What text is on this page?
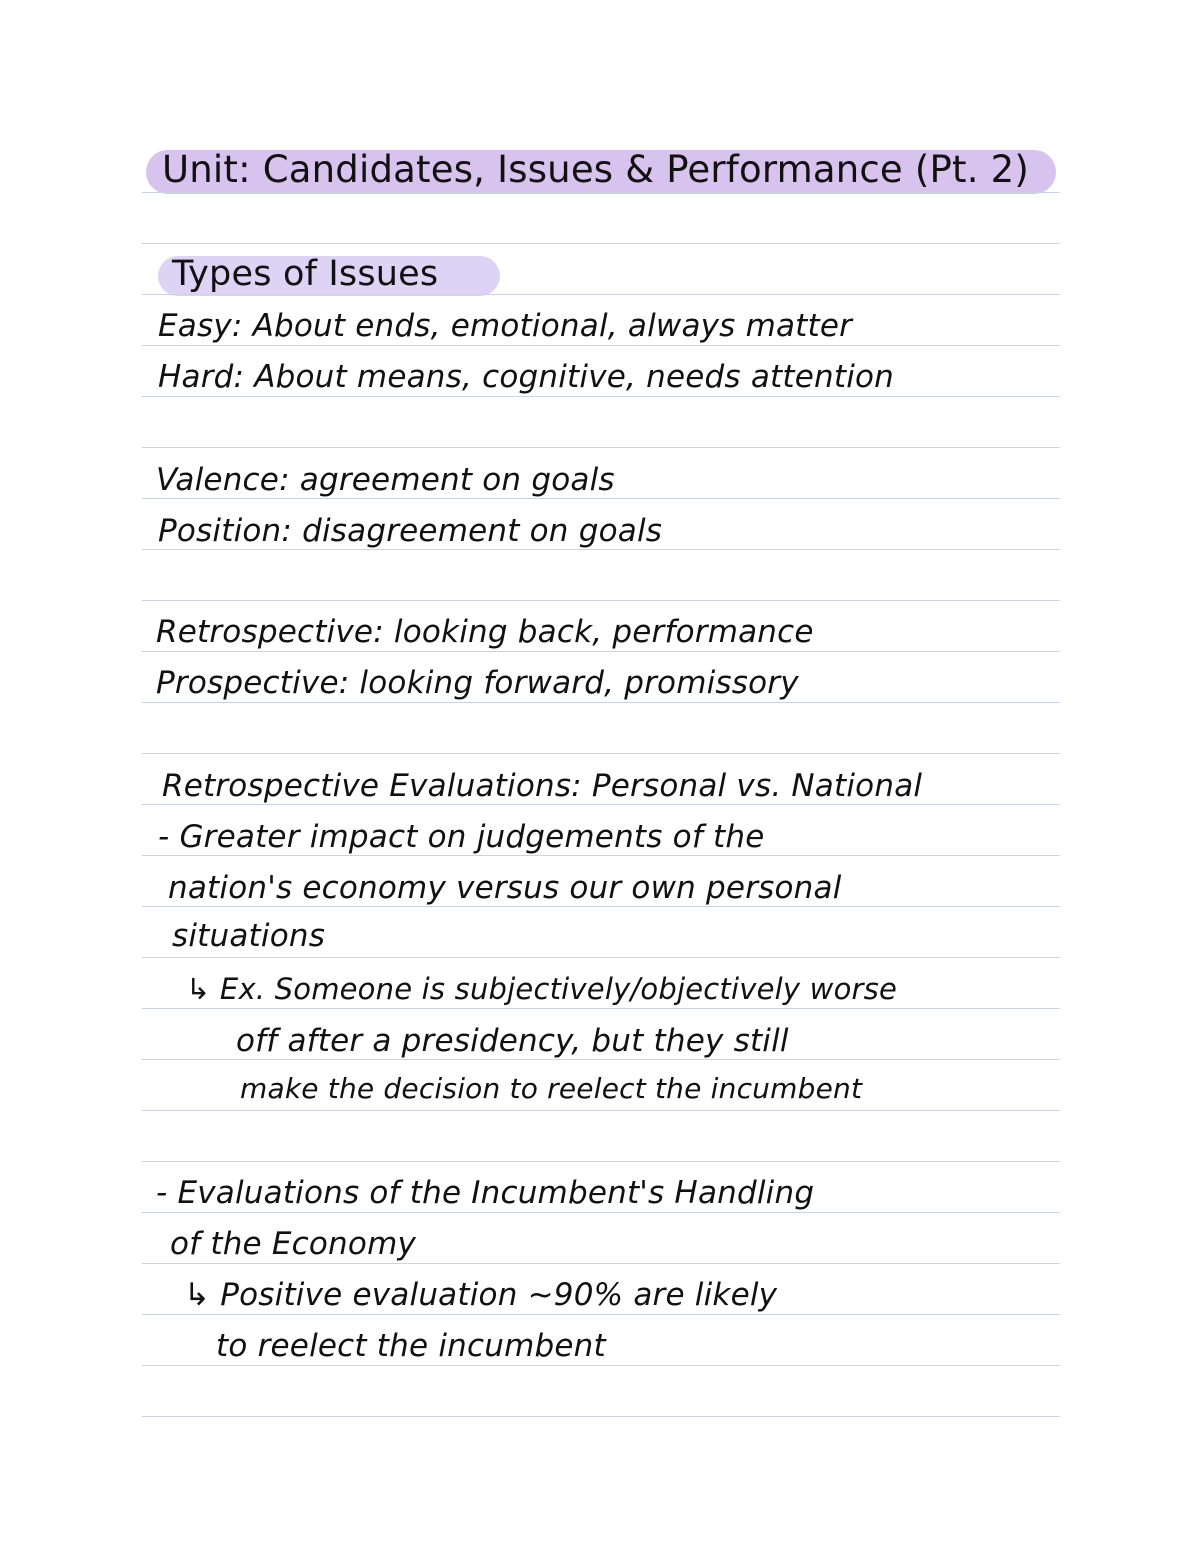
Unit: Candidates, Issues & Performance (Pt. 2)
Types of Issues
Easy: About ends, emotional, always matter
Hard: About means, cognitive, needs attention
Valence: agreement on goals
Position: disagreement on goals
Retrospective: looking back, performance
Prospective: looking forward, promissory
Retrospective Evaluations: Personal vs. National
- Greater impact on judgements of the
nation's economy versus our own personal
situations
↳ Ex. Someone is subjectively/objectively worse
off after a presidency, but they still
make the decision to reelect the incumbent
- Evaluations of the Incumbent's Handling
of the Economy
↳ Positive evaluation ~90% are likely
to reelect the incumbent
